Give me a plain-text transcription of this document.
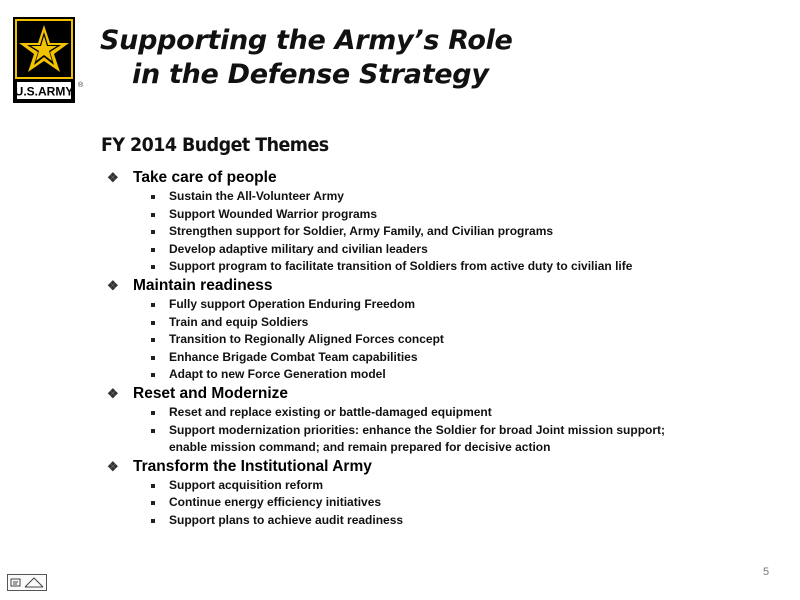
U.S.ARMY ®
Supporting the Army’s Role
in the Defense Strategy
FY 2014 Budget Themes
❖ Take care of people
Sustain the All-Volunteer Army
Support Wounded Warrior programs
Strengthen support for Soldier, Army Family, and Civilian programs
Develop adaptive military and civilian leaders
Support program to facilitate transition of Soldiers from active duty to civilian life
❖ Maintain readiness
Fully support Operation Enduring Freedom
Train and equip Soldiers
Transition to Regionally Aligned Forces concept
Enhance Brigade Combat Team capabilities
Adapt to new Force Generation model
❖ Reset and Modernize
Reset and replace existing or battle-damaged equipment
Support modernization priorities: enhance the Soldier for broad Joint mission support;
enable mission command; and remain prepared for decisive action
❖ Transform the Institutional Army
Support acquisition reform
Continue energy efficiency initiatives
Support plans to achieve audit readiness
5
